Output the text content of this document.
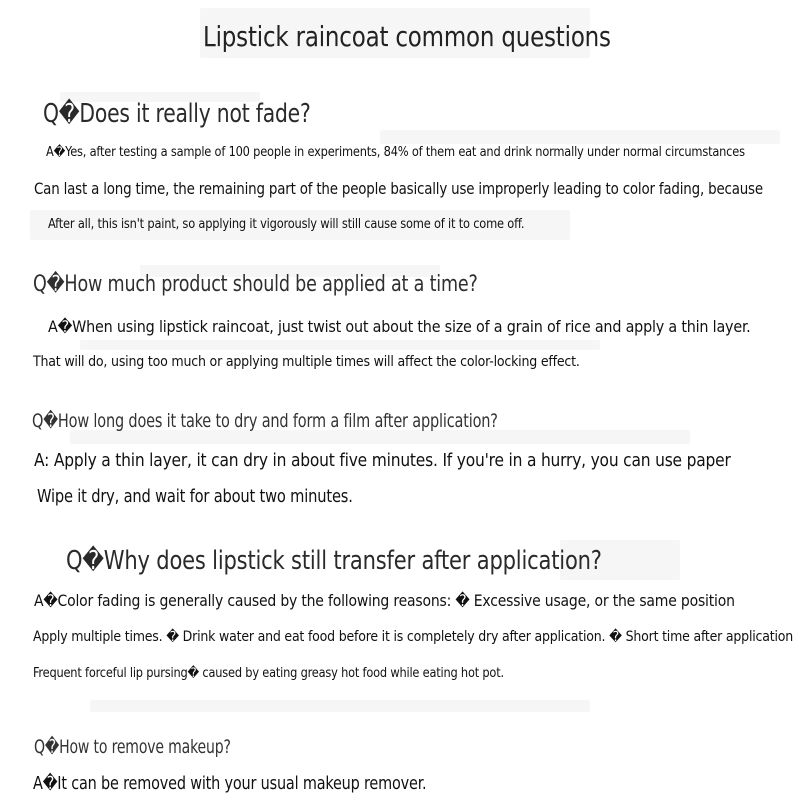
Lipstick raincoat common questions

Q�Does it really not fade?

A�Yes, after testing a sample of 100 people in experiments, 84% of them eat and drink normally under normal circumstances

Can last a long time, the remaining part of the people basically use improperly leading to color fading, because

After all, this isn't paint, so applying it vigorously will still cause some of it to come off.

Q�How much product should be applied at a time?

A�When using lipstick raincoat, just twist out about the size of a grain of rice and apply a thin layer.

That will do, using too much or applying multiple times will affect the color-locking effect.

Q�How long does it take to dry and form a film after application?

A: Apply a thin layer, it can dry in about five minutes. If you're in a hurry, you can use paper

Wipe it dry, and wait for about two minutes.

Q�Why does lipstick still transfer after application?

A�Color fading is generally caused by the following reasons: � Excessive usage, or the same position

Apply multiple times. � Drink water and eat food before it is completely dry after application. � Short time after application

Frequent forceful lip pursing� caused by eating greasy hot food while eating hot pot.

Q�How to remove makeup?

A�It can be removed with your usual makeup remover.
